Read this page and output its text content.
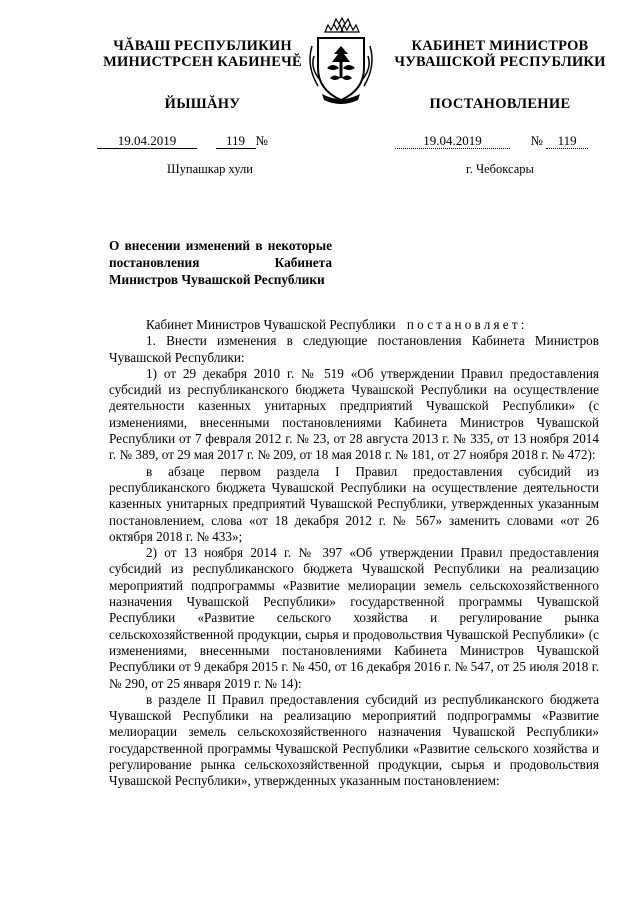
ЧĂВАШ РЕСПУБЛИКИН
МИНИСТРСЕН КАБИНЕЧĔ
ЙЫШĂНУ
КАБИНЕТ МИНИСТРОВ
ЧУВАШСКОЙ РЕСПУБЛИКИ
ПОСТАНОВЛЕНИЕ
19.04.2019	119 №	19.04.2019	№ 119
Шупашкар хули	г. Чебоксары
О внесении изменений в некоторые постановления Кабинета Министров Чувашской Республики

Кабинет Министров Чувашской Республики постановляет:

1. Внести изменения в следующие постановления Кабинета Министров Чувашской Республики:

1) от 29 декабря 2010 г. № 519 «Об утверждении Правил предоставления субсидий из республиканского бюджета Чувашской Республики на осуществление деятельности казенных унитарных предприятий Чувашской Республики» (с изменениями, внесенными постановлениями Кабинета Министров Чувашской Республики от 7 февраля 2012 г. № 23, от 28 августа 2013 г. № 335, от 13 ноября 2014 г. № 389, от 29 мая 2017 г. № 209, от 18 мая 2018 г. № 181, от 27 ноября 2018 г. № 472):

в абзаце первом раздела I Правил предоставления субсидий из республиканского бюджета Чувашской Республики на осуществление деятельности казенных унитарных предприятий Чувашской Республики, утвержденных указанным постановлением, слова «от 18 декабря 2012 г. № 567» заменить словами «от 26 октября 2018 г. № 433»;

2) от 13 ноября 2014 г. № 397 «Об утверждении Правил предоставления субсидий из республиканского бюджета Чувашской Республики на реализацию мероприятий подпрограммы «Развитие мелиорации земель сельскохозяйственного назначения Чувашской Республики» государственной программы Чувашской Республики «Развитие сельского хозяйства и регулирование рынка сельскохозяйственной продукции, сырья и продовольствия Чувашской Республики» (с изменениями, внесенными постановлениями Кабинета Министров Чувашской Республики от 9 декабря 2015 г. № 450, от 16 декабря 2016 г. № 547, от 25 июля 2018 г. № 290, от 25 января 2019 г. № 14):

в разделе II Правил предоставления субсидий из республиканского бюджета Чувашской Республики на реализацию мероприятий подпрограммы «Развитие мелиорации земель сельскохозяйственного назначения Чувашской Республики» государственной программы Чувашской Республики «Развитие сельского хозяйства и регулирование рынка сельскохозяйственной продукции, сырья и продовольствия Чувашской Республики», утвержденных указанным постановлением:
